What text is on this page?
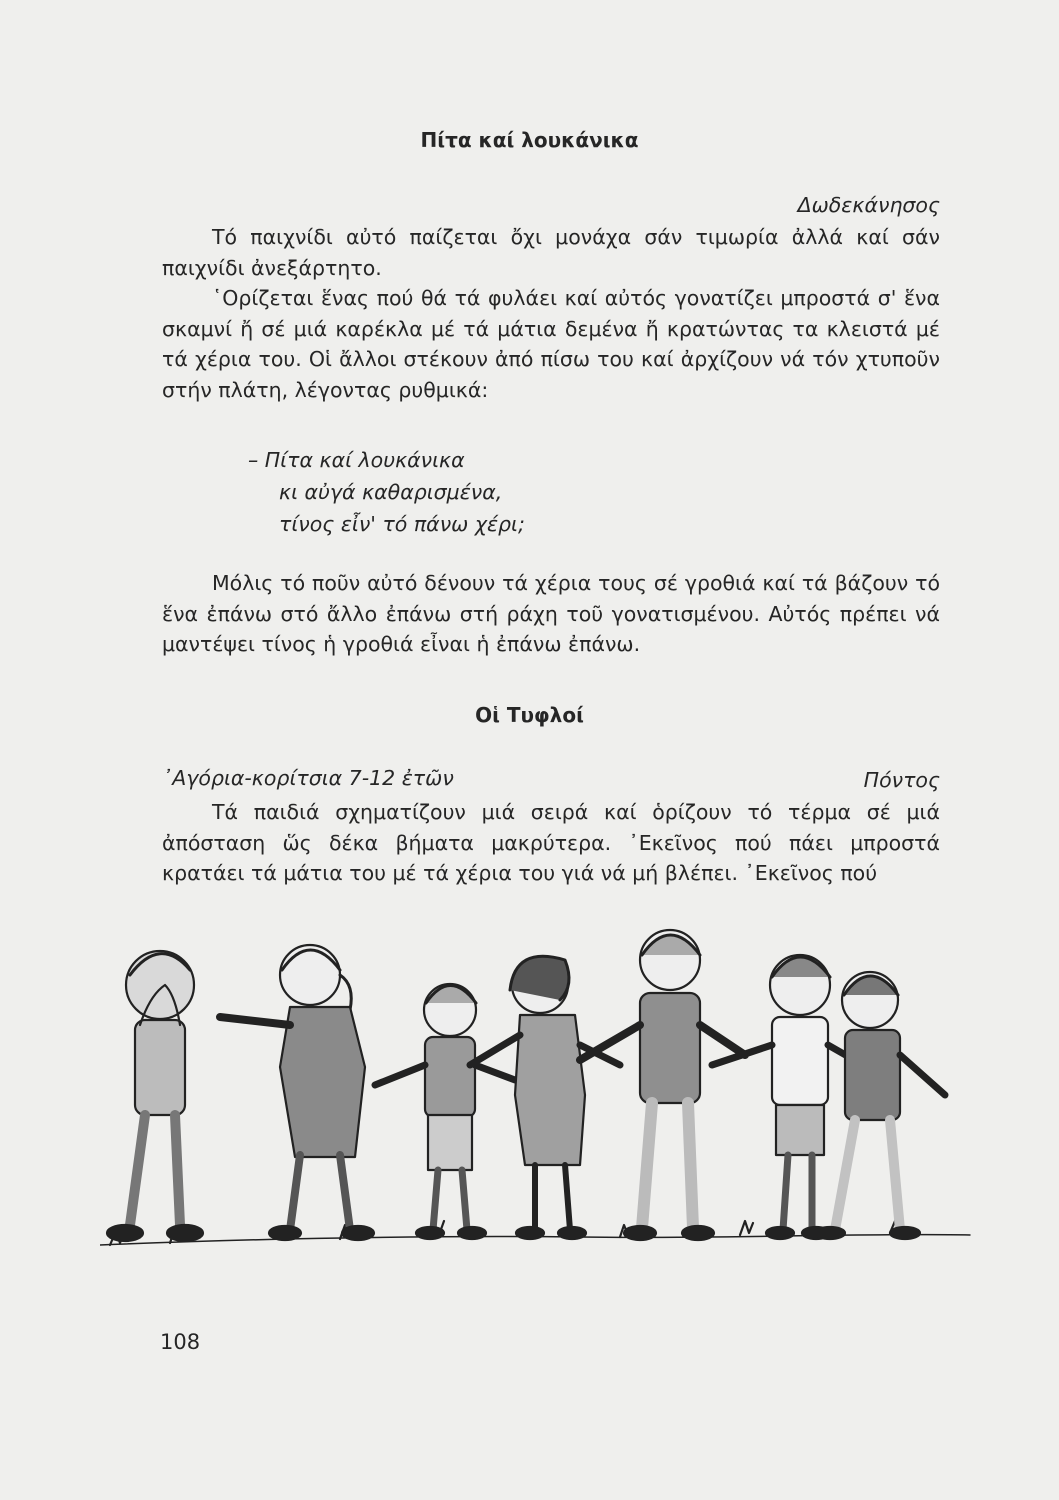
Πίτα καί λουκάνικα
Δωδεκάνησος

Τό παιχνίδι αὐτό παίζεται ὄχι μονάχα σάν τιμωρία ἀλλά καί σάν παιχνίδι ἀνεξάρτητο.

῾Ορίζεται ἕνας πού θά τά φυλάει καί αὐτός γονατίζει μπροστά σ' ἕνα σκαμνί ἤ σέ μιά καρέκλα μέ τά μάτια δεμένα ἤ κρατώντας τα κλειστά μέ τά χέρια του. Οἱ ἄλλοι στέκουν ἀπό πίσω του καί ἀρχίζουν νά τόν χτυποῦν στήν πλάτη, λέγοντας ρυθμικά:

– Πίτα καί λουκάνικα
κι αὐγά καθαρισμένα,
τίνος εἶν' τό πάνω χέρι;

Μόλις τό ποῦν αὐτό δένουν τά χέρια τους σέ γροθιά καί τά βάζουν τό ἕνα ἐπάνω στό ἄλλο ἐπάνω στή ράχη τοῦ γονατισμένου. Αὐτός πρέπει νά μαντέψει τίνος ἡ γροθιά εἶναι ἡ ἐπάνω ἐπάνω.

Οἱ Τυφλοί
᾿Αγόρια-κορίτσια 7-12 ἐτῶν	Πόντος

Τά παιδιά σχηματίζουν μιά σειρά καί ὁρίζουν τό τέρμα σέ μιά ἀπόσταση ὥς δέκα βήματα μακρύτερα. ᾿Εκεῖνος πού πάει μπροστά κρατάει τά μάτια του μέ τά χέρια του γιά νά μή βλέπει. ᾿Εκεῖνος πού

108
